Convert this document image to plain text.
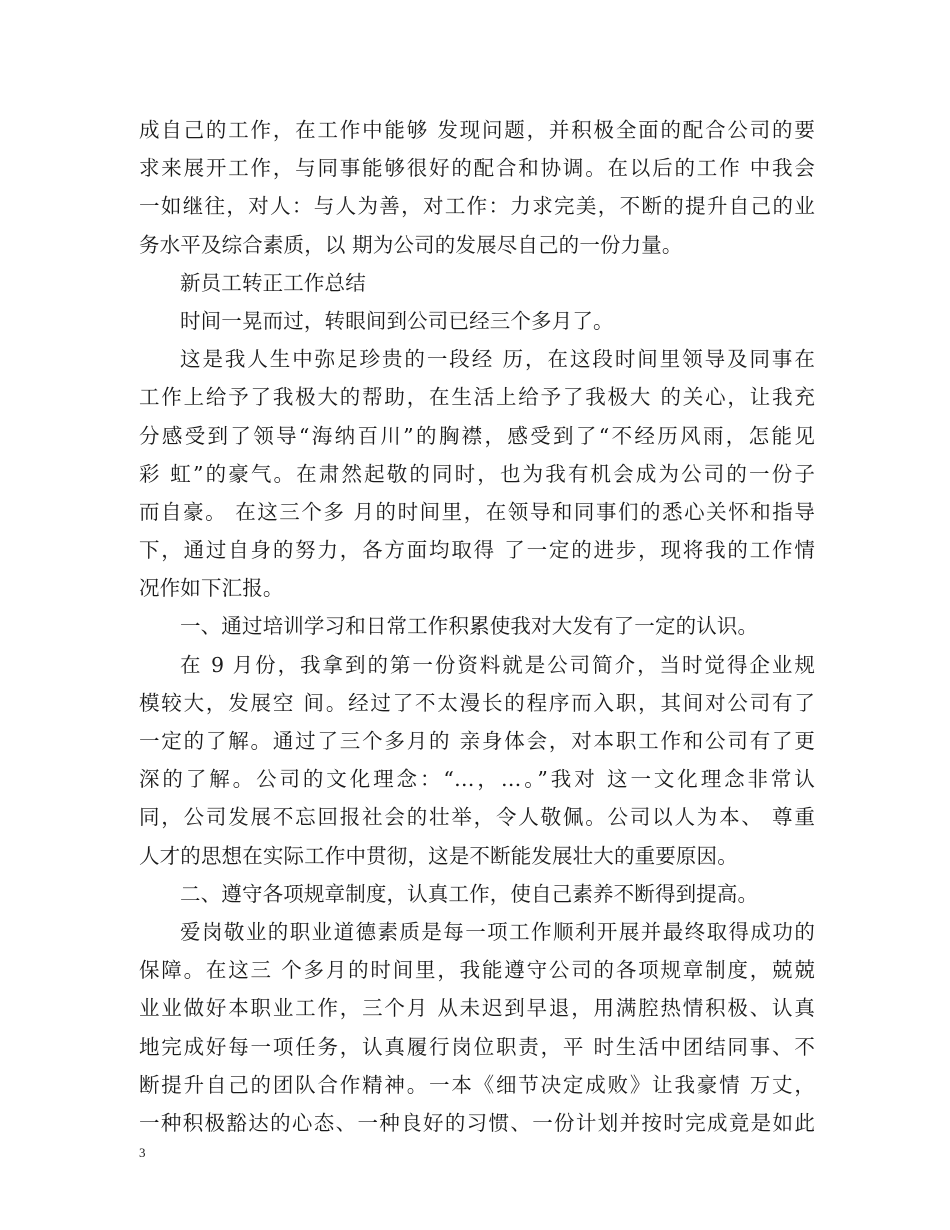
成自己的工作，在工作中能够 发现问题，并积极全面的配合公司的要
求来展开工作，与同事能够很好的配合和协调。在以后的工作 中我会
一如继往，对人：与人为善，对工作：力求完美，不断的提升自己的业
务水平及综合素质，以 期为公司的发展尽自己的一份力量。
新员工转正工作总结
时间一晃而过，转眼间到公司已经三个多月了。
这是我人生中弥足珍贵的一段经 历，在这段时间里领导及同事在
工作上给予了我极大的帮助，在生活上给予了我极大 的关心，让我充
分感受到了领导“海纳百川”的胸襟，感受到了“不经历风雨，怎能见
彩 虹”的豪气。在肃然起敬的同时，也为我有机会成为公司的一份子
而自豪。 在这三个多 月的时间里，在领导和同事们的悉心关怀和指导
下，通过自身的努力，各方面均取得 了一定的进步，现将我的工作情
况作如下汇报。
一、通过培训学习和日常工作积累使我对大发有了一定的认识。
在 9 月份，我拿到的第一份资料就是公司简介，当时觉得企业规
模较大，发展空 间。经过了不太漫长的程序而入职，其间对公司有了
一定的了解。通过了三个多月的 亲身体会，对本职工作和公司有了更
深的了解。公司的文化理念：“…，…。”我对 这一文化理念非常认
同，公司发展不忘回报社会的壮举，令人敬佩。公司以人为本、 尊重
人才的思想在实际工作中贯彻，这是不断能发展壮大的重要原因。
二、遵守各项规章制度，认真工作，使自己素养不断得到提高。
爱岗敬业的职业道德素质是每一项工作顺利开展并最终取得成功的
保障。在这三 个多月的时间里，我能遵守公司的各项规章制度，兢兢
业业做好本职业工作，三个月 从未迟到早退，用满腔热情积极、认真
地完成好每一项任务，认真履行岗位职责，平 时生活中团结同事、不
断提升自己的团队合作精神。一本《细节决定成败》让我豪情 万丈，
一种积极豁达的心态、一种良好的习惯、一份计划并按时完成竟是如此
3
